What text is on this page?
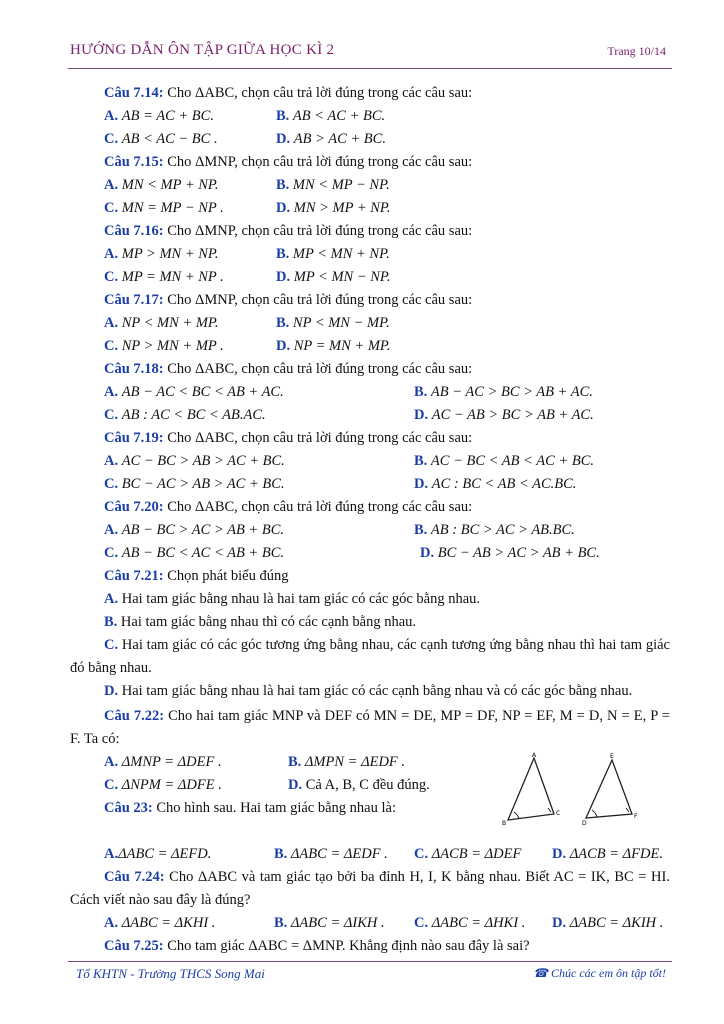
HƯỚNG DẪN ÔN TẬP GIỮA HỌC KÌ 2	Trang 10/14
Câu 7.14: Cho ΔABC, chọn câu trả lời đúng trong các câu sau:
A. AB = AC + BC.	B. AB < AC + BC.
C. AB < AC − BC .	D. AB > AC + BC.
Câu 7.15: Cho ΔMNP, chọn câu trả lời đúng trong các câu sau:
A. MN < MP + NP.	B. MN < MP − NP.
C. MN = MP − NP .	D. MN > MP + NP.
Câu 7.16: Cho ΔMNP, chọn câu trả lời đúng trong các câu sau:
A. MP > MN + NP.	B. MP < MN + NP.
C. MP = MN + NP .	D. MP < MN − NP.
Câu 7.17: Cho ΔMNP, chọn câu trả lời đúng trong các câu sau:
A. NP < MN + MP.	B. NP < MN − MP.
C. NP > MN + MP .	D. NP = MN + MP.
Câu 7.18: Cho ΔABC, chọn câu trả lời đúng trong các câu sau:
A. AB − AC < BC < AB + AC.	B. AB − AC > BC > AB + AC.
C. AB : AC < BC < AB.AC.	D. AC − AB > BC > AB + AC.
Câu 7.19: Cho ΔABC, chọn câu trả lời đúng trong các câu sau:
A. AC − BC > AB > AC + BC.	B. AC − BC < AB < AC + BC.
C. BC − AC > AB > AC + BC.	D. AC : BC < AB < AC.BC.
Câu 7.20: Cho ΔABC, chọn câu trả lời đúng trong các câu sau:
A. AB − BC > AC > AB + BC.	B. AB : BC > AC > AB.BC.
C. AB − BC < AC < AB + BC.	D. BC − AB > AC > AB + BC.
Câu 7.21: Chọn phát biểu đúng
A. Hai tam giác bằng nhau là hai tam giác có các góc bằng nhau.
B. Hai tam giác bằng nhau thì có các cạnh bằng nhau.
C. Hai tam giác có các góc tương ứng bằng nhau, các cạnh tương ứng bằng nhau thì hai tam giác đó bằng nhau.
D. Hai tam giác bằng nhau là hai tam giác có các cạnh bằng nhau và có các góc bằng nhau.
Câu 7.22: Cho hai tam giác MNP và DEF có MN = DE, MP = DF, NP = EF, M = D, N = E, P = F. Ta có:
A. ΔMNP = ΔDEF .	B. ΔMPN = ΔEDF .
C. ΔNPM = ΔDFE .	D. Cả A, B, C đều đúng.
Câu 23: Cho hình sau. Hai tam giác bằng nhau là:
A.ΔABC = ΔEFD.	B. ΔABC = ΔEDF . C. ΔACB = ΔDEF D. ΔACB = ΔFDE.
Câu 7.24: Cho ΔABC và tam giác tạo bởi ba đỉnh H, I, K bằng nhau. Biết AC = IK, BC = HI. Cách viết nào sau đây là đúng?
A. ΔABC = ΔKHI .	B. ΔABC = ΔIKH . C. ΔABC = ΔHKI . D. ΔABC = ΔKIH .
Câu 7.25: Cho tam giác ΔABC = ΔMNP. Khẳng định nào sau đây là sai?
A
B
C
E
D
F
Tổ KHTN - Trường THCS Song Mai	☎ Chúc các em ôn tập tốt!
